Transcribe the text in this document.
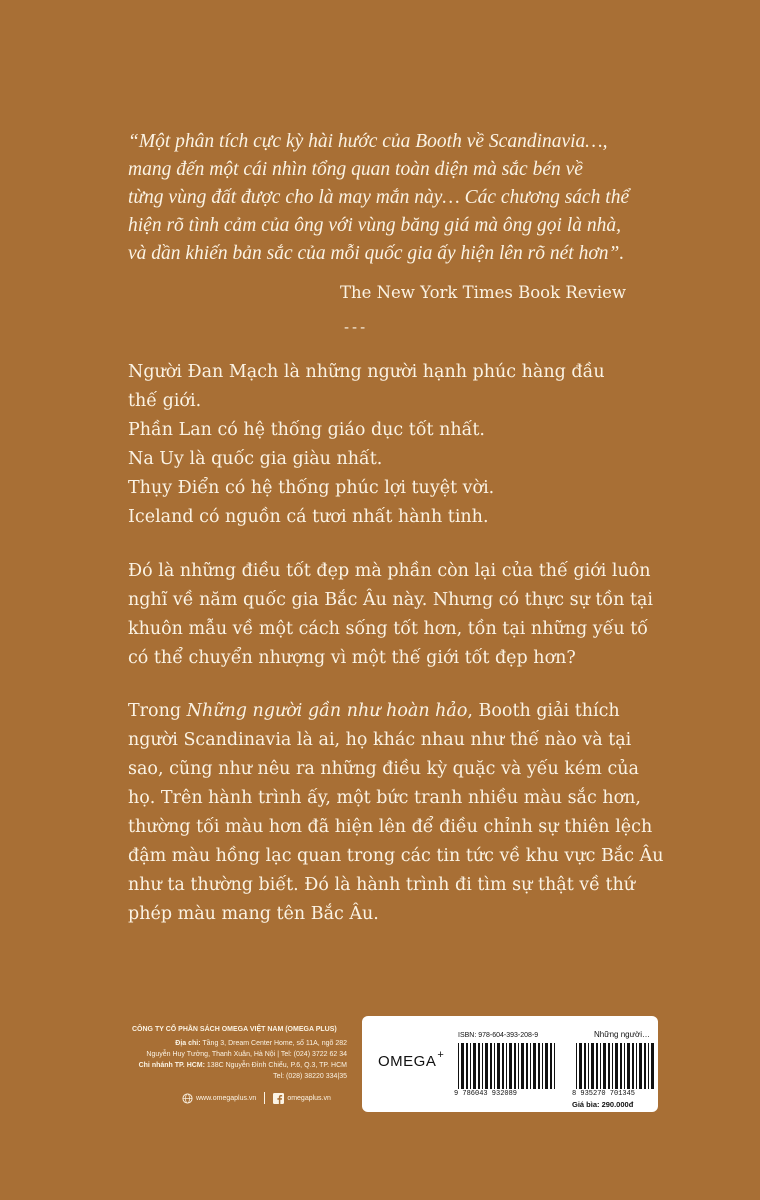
“Một phân tích cực kỳ hài hước của Booth về Scandinavia…,

mang đến một cái nhìn tổng quan toàn diện mà sắc bén về

từng vùng đất được cho là may mắn này… Các chương sách thể

hiện rõ tình cảm của ông với vùng băng giá mà ông gọi là nhà,

và dần khiến bản sắc của mỗi quốc gia ấy hiện lên rõ nét hơn”.

The New York Times Book Review
---
Người Đan Mạch là những người hạnh phúc hàng đầu
thế giới.
Phần Lan có hệ thống giáo dục tốt nhất.
Na Uy là quốc gia giàu nhất.
Thụy Điển có hệ thống phúc lợi tuyệt vời.
Iceland có nguồn cá tươi nhất hành tinh.
Đó là những điều tốt đẹp mà phần còn lại của thế giới luôn
nghĩ về năm quốc gia Bắc Âu này. Nhưng có thực sự tồn tại
khuôn mẫu về một cách sống tốt hơn, tồn tại những yếu tố
có thể chuyển nhượng vì một thế giới tốt đẹp hơn?
Trong Những người gần như hoàn hảo, Booth giải thích
người Scandinavia là ai, họ khác nhau như thế nào và tại
sao, cũng như nêu ra những điều kỳ quặc và yếu kém của
họ. Trên hành trình ấy, một bức tranh nhiều màu sắc hơn,
thường tối màu hơn đã hiện lên để điều chỉnh sự thiên lệch
đậm màu hồng lạc quan trong các tin tức về khu vực Bắc Âu
như ta thường biết. Đó là hành trình đi tìm sự thật về thứ
phép màu mang tên Bắc Âu.
CÔNG TY CỔ PHẦN SÁCH OMEGA VIỆT NAM (OMEGA PLUS)
Địa chỉ: Tầng 3, Dream Center Home, số 11A, ngõ 282
Nguyễn Huy Tưởng, Thanh Xuân, Hà Nội | Tel: (024) 3722 62 34
Chi nhánh TP. HCM: 138C Nguyễn Đình Chiểu, P.6, Q.3, TP. HCM
Tel: (028) 38220 334|35
www.omegaplus.vn	omegaplus.vn
OMEGA +
ISBN: 978-604-393-208-9	Những người…
9 786043 932089	8 935270 701345
Giá bìa: 290.000đ
